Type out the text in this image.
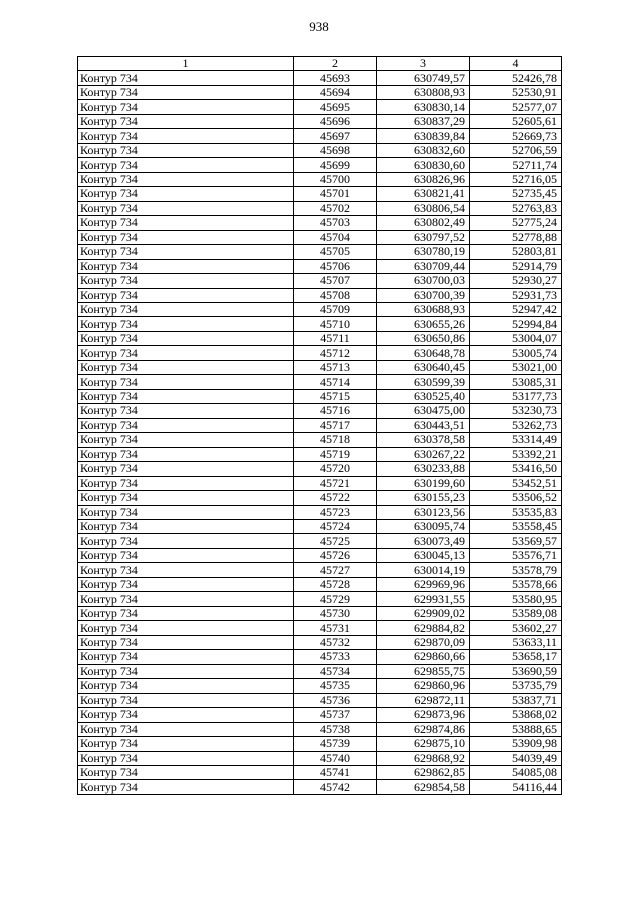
938
1	2	3	4
Контур 734	45693	630749,57	52426,78
Контур 734	45694	630808,93	52530,91
Контур 734	45695	630830,14	52577,07
Контур 734	45696	630837,29	52605,61
Контур 734	45697	630839,84	52669,73
Контур 734	45698	630832,60	52706,59
Контур 734	45699	630830,60	52711,74
Контур 734	45700	630826,96	52716,05
Контур 734	45701	630821,41	52735,45
Контур 734	45702	630806,54	52763,83
Контур 734	45703	630802,49	52775,24
Контур 734	45704	630797,52	52778,88
Контур 734	45705	630780,19	52803,81
Контур 734	45706	630709,44	52914,79
Контур 734	45707	630700,03	52930,27
Контур 734	45708	630700,39	52931,73
Контур 734	45709	630688,93	52947,42
Контур 734	45710	630655,26	52994,84
Контур 734	45711	630650,86	53004,07
Контур 734	45712	630648,78	53005,74
Контур 734	45713	630640,45	53021,00
Контур 734	45714	630599,39	53085,31
Контур 734	45715	630525,40	53177,73
Контур 734	45716	630475,00	53230,73
Контур 734	45717	630443,51	53262,73
Контур 734	45718	630378,58	53314,49
Контур 734	45719	630267,22	53392,21
Контур 734	45720	630233,88	53416,50
Контур 734	45721	630199,60	53452,51
Контур 734	45722	630155,23	53506,52
Контур 734	45723	630123,56	53535,83
Контур 734	45724	630095,74	53558,45
Контур 734	45725	630073,49	53569,57
Контур 734	45726	630045,13	53576,71
Контур 734	45727	630014,19	53578,79
Контур 734	45728	629969,96	53578,66
Контур 734	45729	629931,55	53580,95
Контур 734	45730	629909,02	53589,08
Контур 734	45731	629884,82	53602,27
Контур 734	45732	629870,09	53633,11
Контур 734	45733	629860,66	53658,17
Контур 734	45734	629855,75	53690,59
Контур 734	45735	629860,96	53735,79
Контур 734	45736	629872,11	53837,71
Контур 734	45737	629873,96	53868,02
Контур 734	45738	629874,86	53888,65
Контур 734	45739	629875,10	53909,98
Контур 734	45740	629868,92	54039,49
Контур 734	45741	629862,85	54085,08
Контур 734	45742	629854,58	54116,44
